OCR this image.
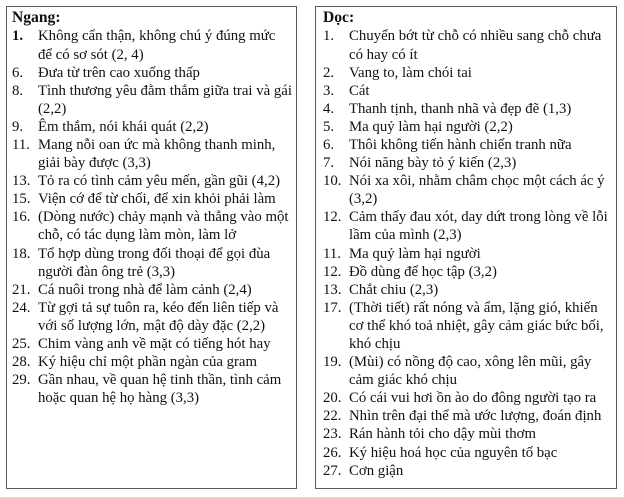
Ngang:
1. Không cẩn thận, không chú ý đúng mức để có sơ sót (2, 4)
6. Đưa từ trên cao xuống thấp
8. Tình thương yêu đằm thắm giữa trai và gái (2,2)
9. Êm thắm, nói khái quát (2,2)
11. Mang nỗi oan ức mà không thanh minh, giải bày được (3,3)
13. Tỏ ra có tình cảm yêu mến, gần gũi (4,2)
15. Viện cớ để từ chối, để xin khỏi phải làm
16. (Dòng nước) chảy mạnh và thẳng vào một chỗ, có tác dụng làm mòn, làm lở
18. Tổ hợp dùng trong đối thoại để gọi đùa người đàn ông trẻ (3,3)
21. Cá nuôi trong nhà để làm cảnh (2,4)
24. Từ gợi tả sự tuôn ra, kéo đến liên tiếp và với số lượng lớn, mật độ dày đặc (2,2)
25. Chim vàng anh về mặt có tiếng hót hay
28. Ký hiệu chỉ một phần ngàn của gram
29. Gần nhau, về quan hệ tinh thần, tình cảm hoặc quan hệ họ hàng (3,3)
Dọc:
1. Chuyển bớt từ chỗ có nhiều sang chỗ chưa có hay có ít
2. Vang to, làm chói tai
3. Cát
4. Thanh tịnh, thanh nhã và đẹp đẽ (1,3)
5. Ma quỷ làm hại người (2,2)
6. Thôi không tiến hành chiến tranh nữa
7. Nói năng bày tỏ ý kiến (2,3)
10. Nói xa xôi, nhằm châm chọc một cách ác ý (3,2)
12. Cảm thấy đau xót, day dứt trong lòng về lỗi lầm của mình (2,3)
11. Ma quỷ làm hại người
12. Đồ dùng để học tập (3,2)
13. Chắt chiu (2,3)
17. (Thời tiết) rất nóng và ẩm, lặng gió, khiến cơ thể khó toả nhiệt, gây cảm giác bức bối, khó chịu
19. (Mùi) có nồng độ cao, xông lên mũi, gây cảm giác khó chịu
20. Có cái vui hơi ồn ào do đông người tạo ra
22. Nhìn trên đại thể mà ước lượng, đoán định
23. Rán hành tỏi cho dậy mùi thơm
26. Ký hiệu hoá học của nguyên tố bạc
27. Cơn giận
